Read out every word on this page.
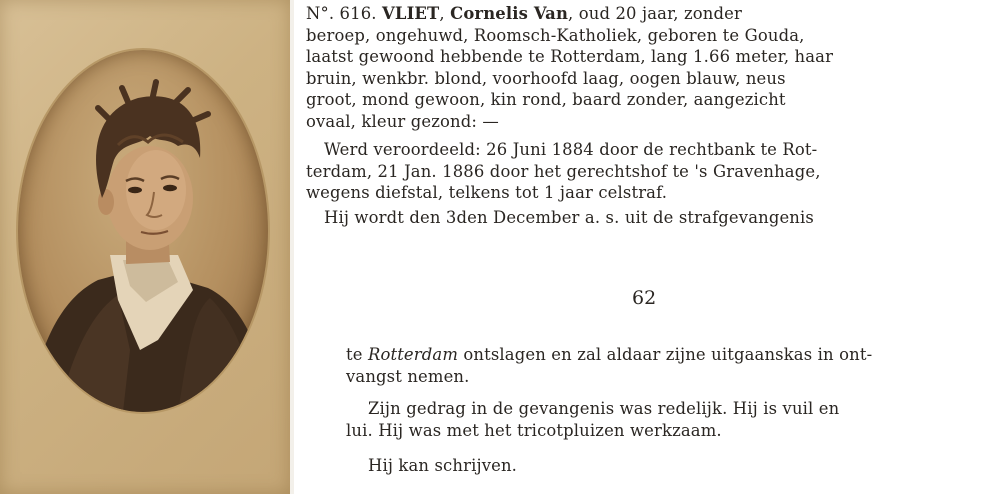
N°. 616. VLIET, Cornelis Van, oud 20 jaar, zonder
beroep, ongehuwd, Roomsch-Katholiek, geboren te Gouda,
laatst gewoond hebbende te Rotterdam, lang 1.66 meter, haar
bruin, wenkbr. blond, voorhoofd laag, oogen blauw, neus
groot, mond gewoon, kin rond, baard zonder, aangezicht
ovaal, kleur gezond: —

Werd veroordeeld: 26 Juni 1884 door de rechtbank te Rot-
terdam, 21 Jan. 1886 door het gerechtshof te 's Gravenhage,
wegens diefstal, telkens tot 1 jaar celstraf.

Hij wordt den 3den December a. s. uit de strafgevangenis

62

te Rotterdam ontslagen en zal aldaar zijne uitgaanskas in ont-
vangst nemen.

Zijn gedrag in de gevangenis was redelijk. Hij is vuil en
lui. Hij was met het tricotpluizen werkzaam.

Hij kan schrijven.
